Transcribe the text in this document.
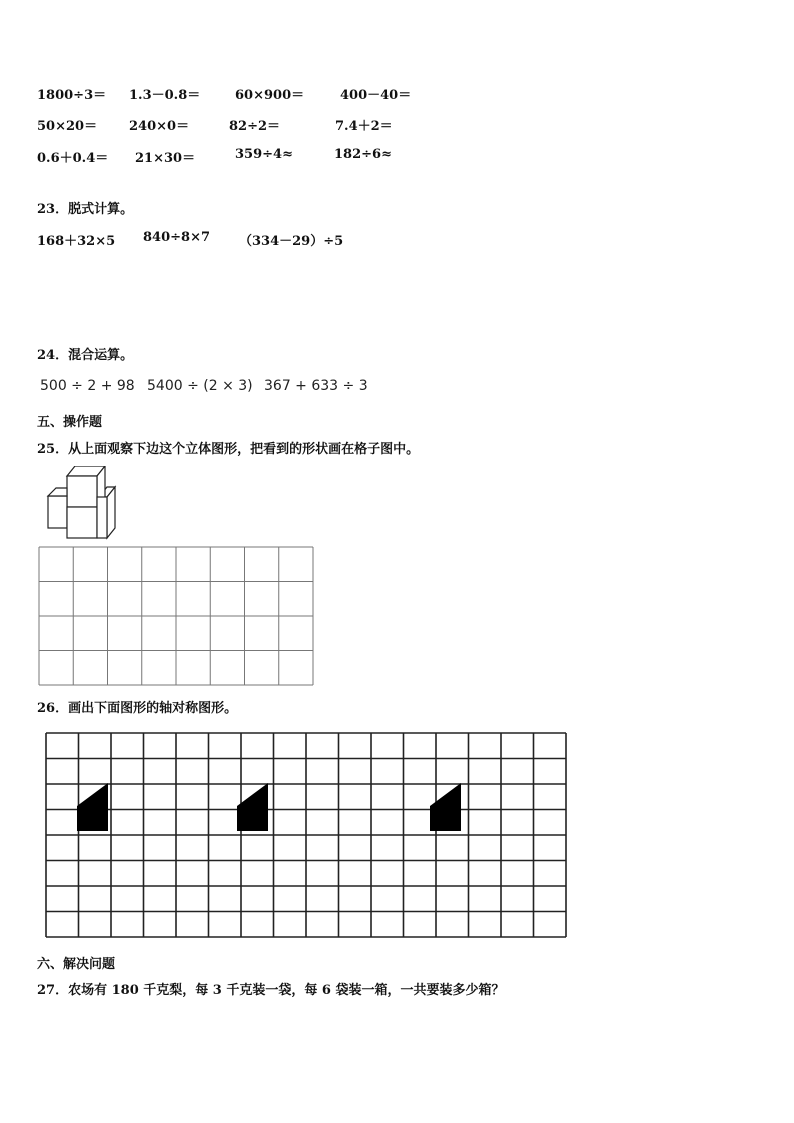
1800÷3＝ 1.3－0.8＝	60×900＝	400－40＝
50×20＝ 240×0＝	82÷2＝	7.4＋2＝
0.6＋0.4＝ 21×30＝	359÷4≈	182÷6≈
23．脱式计算。
168＋32×5 840÷8×7 （334－29）÷5
24．混合运算。
500 ÷ 2 + 98 5400 ÷ (2 × 3) 367 + 633 ÷ 3
五、操作题
25．从上面观察下边这个立体图形，把看到的形状画在格子图中。
26．画出下面图形的轴对称图形。
六、解决问题
27．农场有 180 千克梨，每 3 千克装一袋，每 6 袋装一箱，一共要装多少箱？
